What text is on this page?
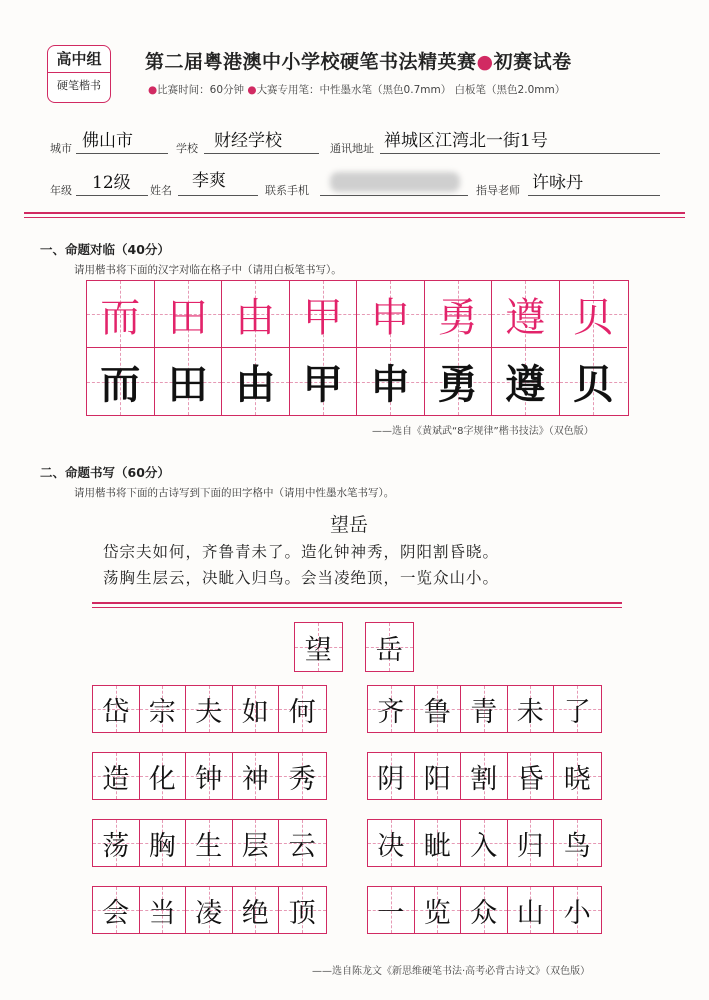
高中组
硬笔楷书
第二届粤港澳中小学校硬笔书法精英赛●初赛试卷
●比赛时间：60分钟 ●大赛专用笔：中性墨水笔（黑色0.7mm） 白板笔（黑色2.0mm）
城市 佛山市	学校 财经学校	通讯地址 禅城区江湾北一街1号
年级 12级 姓名 李爽	联系手机	指导老师 许咏丹
一、命题对临（40分）
请用楷书将下面的汉字对临在格子中（请用白板笔书写）。
而 田 由 甲 申 勇 遵 贝
而 田 由 甲 申 勇 遵 贝
——选自《黄斌武“8字规律”楷书技法》（双色版）
二、命题书写（60分）
请用楷书将下面的古诗写到下面的田字格中（请用中性墨水笔书写）。
望岳
岱宗夫如何，齐鲁青未了。造化钟神秀，阴阳割昏晓。
荡胸生层云，决眦入归鸟。会当凌绝顶，一览众山小。
望 岳
岱 宗 夫 如 何 齐 鲁 青 未 了
造 化 钟 神 秀 阴 阳 割 昏 晓
荡 胸 生 层 云 决 眦 入 归 鸟
会 当 凌 绝 顶 一 览 众 山 小
——选自陈龙文《新思维硬笔书法·高考必背古诗文》（双色版）
